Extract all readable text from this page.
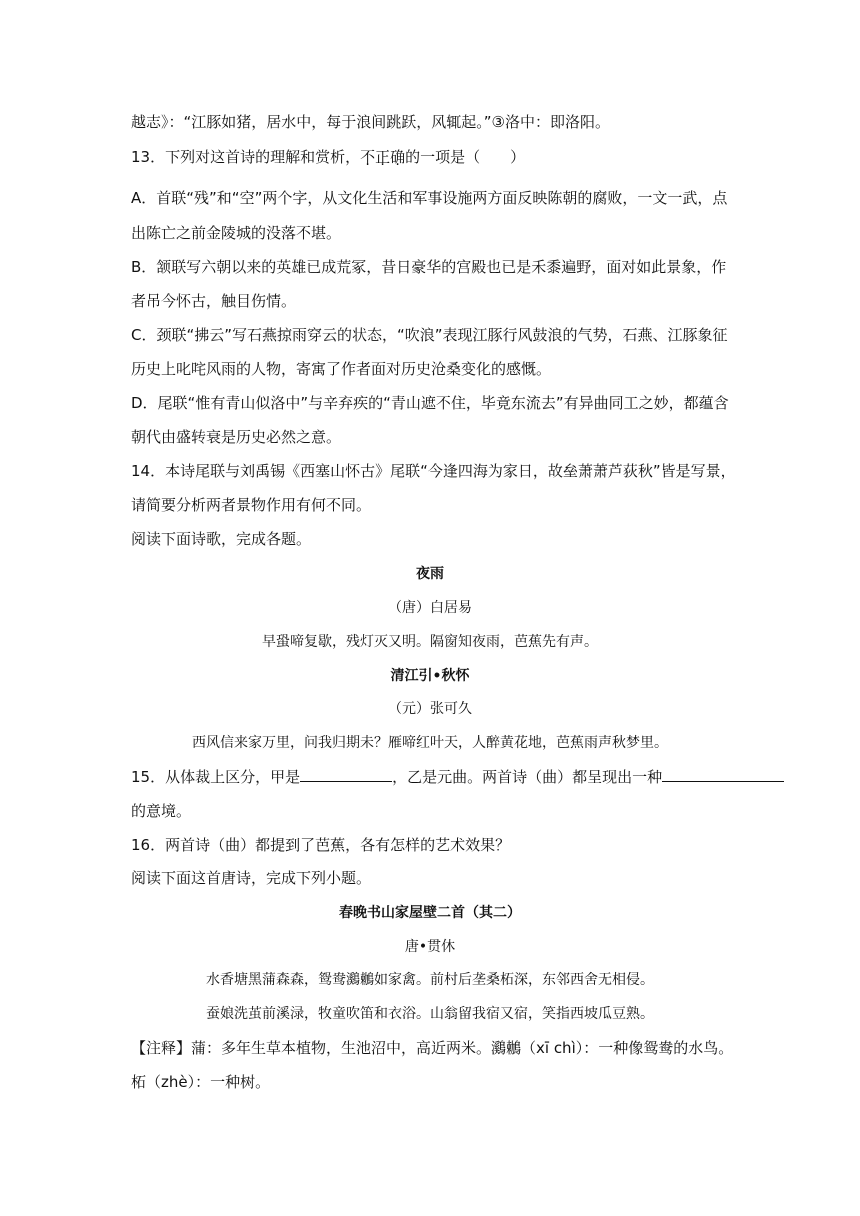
越志》：“江豚如猪，居水中，每于浪间跳跃，风辄起。”③洛中：即洛阳。
13．下列对这首诗的理解和赏析，不正确的一项是（　　）
A．首联“残”和“空”两个字，从文化生活和军事设施两方面反映陈朝的腐败，一文一武，点
出陈亡之前金陵城的没落不堪。
B．颔联写六朝以来的英雄已成荒冢，昔日豪华的宫殿也已是禾黍遍野，面对如此景象，作
者吊今怀古，触目伤情。
C．颈联“拂云”写石燕掠雨穿云的状态，“吹浪”表现江豚行风鼓浪的气势，石燕、江豚象征
历史上叱咤风雨的人物，寄寓了作者面对历史沧桑变化的感慨。
D．尾联“惟有青山似洛中”与辛弃疾的“青山遮不住，毕竟东流去”有异曲同工之妙，都蕴含
朝代由盛转衰是历史必然之意。
14．本诗尾联与刘禹锡《西塞山怀古》尾联“今逢四海为家日，故垒萧萧芦荻秋”皆是写景，
请简要分析两者景物作用有何不同。
阅读下面诗歌，完成各题。
夜雨
（唐）白居易
早蛩啼复歇，残灯灭又明。隔窗知夜雨，芭蕉先有声。
清江引•秋怀
（元）张可久
西风信来家万里，问我归期未？雁啼红叶天，人醉黄花地，芭蕉雨声秋梦里。
15．从体裁上区分，甲是	，乙是元曲。两首诗（曲）都呈现出一种
的意境。
16．两首诗（曲）都提到了芭蕉，各有怎样的艺术效果？
阅读下面这首唐诗，完成下列小题。
春晚书山家屋壁二首（其二）
唐•贯休
水香塘黑蒲森森，鸳鸯鸂鶒如家禽。前村后垄桑柘深，东邻西舍无相侵。
蚕娘洗茧前溪渌，牧童吹笛和衣浴。山翁留我宿又宿，笑指西坡瓜豆熟。
【注释】蒲：多年生草本植物，生池沼中，高近两米。鸂鶒（xī chì）：一种像鸳鸯的水鸟。
柘（zhè）：一种树。
